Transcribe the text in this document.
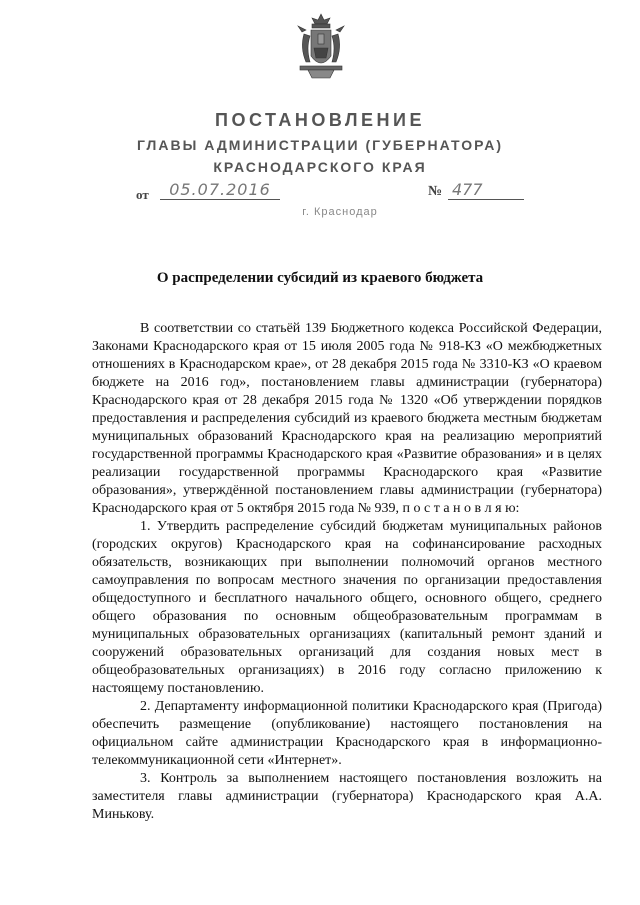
ПОСТАНОВЛЕНИЕ
ГЛАВЫ АДМИНИСТРАЦИИ (ГУБЕРНАТОРА)
КРАСНОДАРСКОГО КРАЯ
от	05.07.2016	№ 477
г. Краснодар
О распределении субсидий из краевого бюджета

В соответствии со статьёй 139 Бюджетного кодекса Российской Федерации, Законами Краснодарского края от 15 июля 2005 года № 918-КЗ «О межбюджетных отношениях в Краснодарском крае», от 28 декабря 2015 года № 3310-КЗ «О краевом бюджете на 2016 год», постановлением главы администрации (губернатора) Краснодарского края от 28 декабря 2015 года № 1320 «Об утверждении порядков предоставления и распределения субсидий из краевого бюджета местным бюджетам муниципальных образований Краснодарского края на реализацию мероприятий государственной программы Краснодарского края «Развитие образования» и в целях реализации государственной программы Краснодарского края «Развитие образования», утверждённой постановлением главы администрации (губернатора) Краснодарского края от 5 октября 2015 года № 939, п о с т а н о в л я ю:

1. Утвердить распределение субсидий бюджетам муниципальных районов (городских округов) Краснодарского края на софинансирование расходных обязательств, возникающих при выполнении полномочий органов местного самоуправления по вопросам местного значения по организации предоставления общедоступного и бесплатного начального общего, основного общего, среднего общего образования по основным общеобразовательным программам в муниципальных образовательных организациях (капитальный ремонт зданий и сооружений образовательных организаций для создания новых мест в общеобразовательных организациях) в 2016 году согласно приложению к настоящему постановлению.

2. Департаменту информационной политики Краснодарского края (Пригода) обеспечить размещение (опубликование) настоящего постановления на официальном сайте администрации Краснодарского края в информационно-телекоммуникационной сети «Интернет».

3. Контроль за выполнением настоящего постановления возложить на заместителя главы администрации (губернатора) Краснодарского края А.А. Минькову.
